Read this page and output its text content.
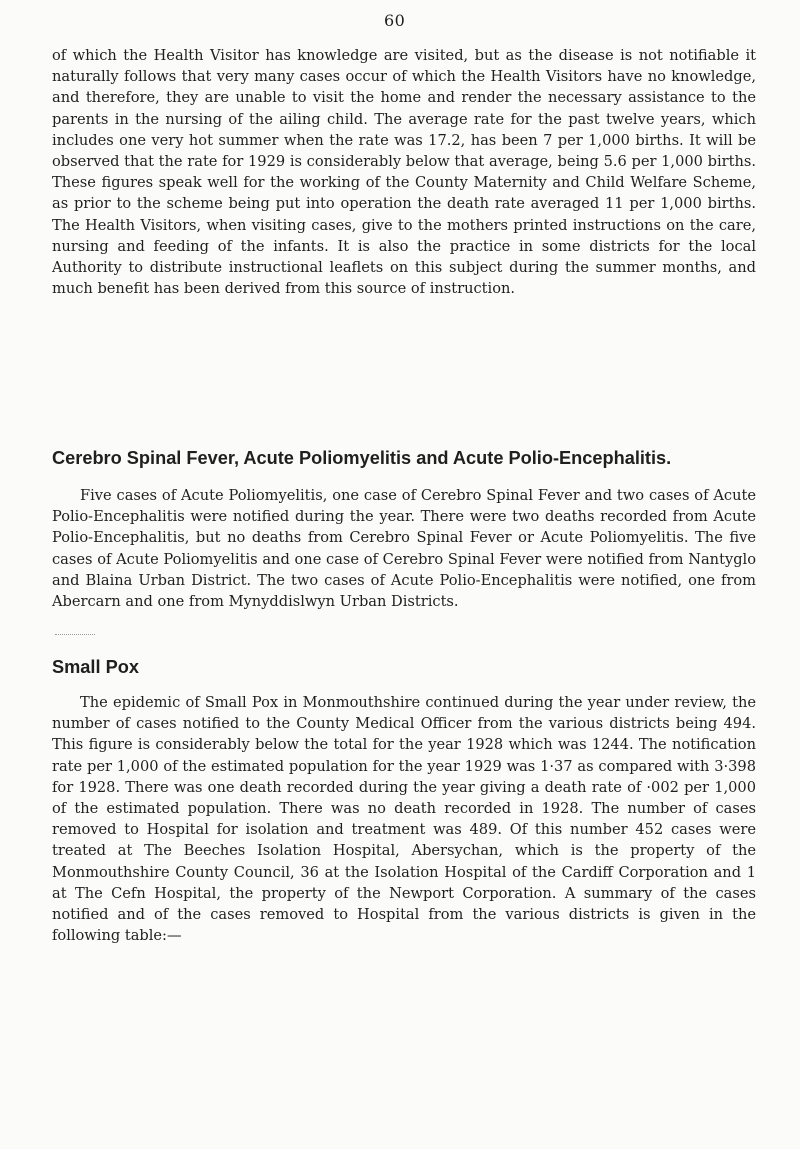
60

of which the Health Visitor has knowledge are visited, but as the disease is not notifiable it naturally follows that very many cases occur of which the Health Visitors have no knowledge, and therefore, they are unable to visit the home and render the necessary assistance to the parents in the nursing of the ailing child. The average rate for the past twelve years, which includes one very hot summer when the rate was 17.2, has been 7 per 1,000 births. It will be observed that the rate for 1929 is considerably below that average, being 5.6 per 1,000 births. These figures speak well for the working of the County Maternity and Child Welfare Scheme, as prior to the scheme being put into operation the death rate averaged 11 per 1,000 births. The Health Visitors, when visiting cases, give to the mothers printed instructions on the care, nursing and feeding of the infants. It is also the practice in some districts for the local Authority to distribute instructional leaflets on this subject during the summer months, and much benefit has been derived from this source of instruction.

Cerebro Spinal Fever, Acute Poliomyelitis and Acute Polio-Encephalitis.

Five cases of Acute Poliomyelitis, one case of Cerebro Spinal Fever and two cases of Acute Polio-Encephalitis were notified during the year. There were two deaths recorded from Acute Polio-Encephalitis, but no deaths from Cerebro Spinal Fever or Acute Poliomyelitis. The five cases of Acute Poliomyelitis and one case of Cerebro Spinal Fever were notified from Nantyglo and Blaina Urban District. The two cases of Acute Polio-Encephalitis were notified, one from Abercarn and one from Mynyddislwyn Urban Districts.

Small Pox

The epidemic of Small Pox in Monmouthshire continued during the year under review, the number of cases notified to the County Medical Officer from the various districts being 494. This figure is considerably below the total for the year 1928 which was 1244. The notification rate per 1,000 of the estimated population for the year 1929 was 1·37 as compared with 3·398 for 1928. There was one death recorded during the year giving a death rate of ·002 per 1,000 of the estimated population. There was no death recorded in 1928. The number of cases removed to Hospital for isolation and treatment was 489. Of this number 452 cases were treated at The Beeches Isolation Hospital, Abersychan, which is the property of the Monmouthshire County Council, 36 at the Isolation Hospital of the Cardiff Corporation and 1 at The Cefn Hospital, the property of the Newport Corporation. A summary of the cases notified and of the cases removed to Hospital from the various districts is given in the following table:—
